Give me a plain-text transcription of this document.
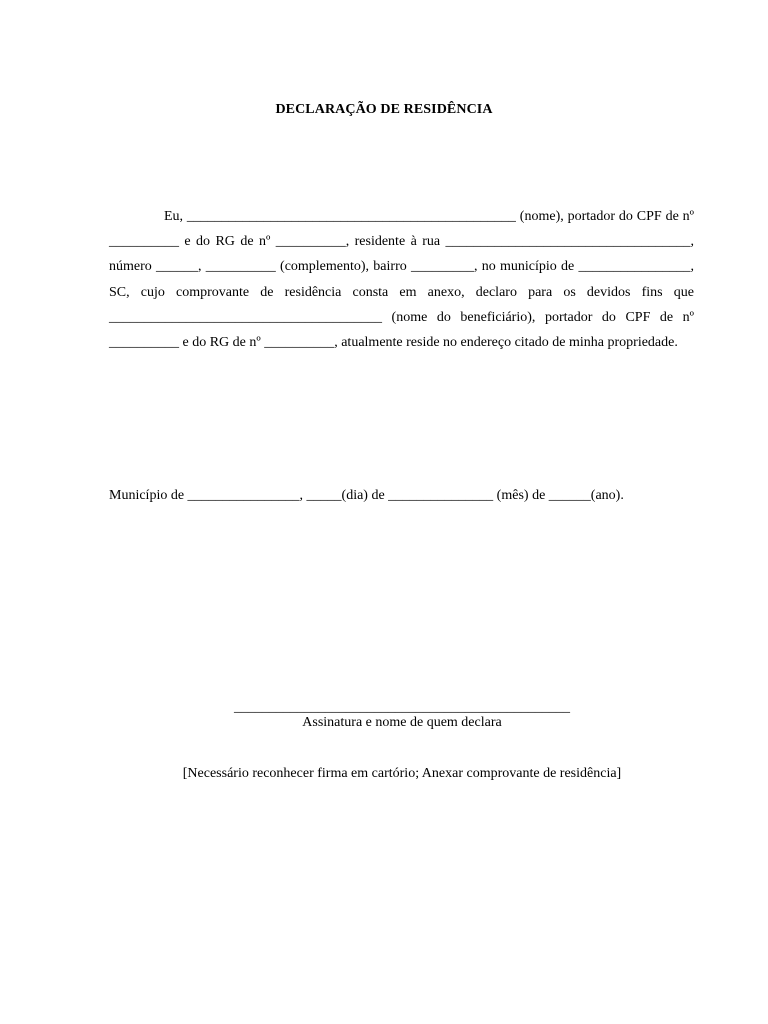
DECLARAÇÃO DE RESIDÊNCIA

Eu, _______________________________________________ (nome), portador do CPF de nº __________ e do RG de nº __________, residente à rua ___________________________________, número ______, __________ (complemento), bairro _________, no município de ________________, SC, cujo comprovante de residência consta em anexo, declaro para os devidos fins que _______________________________________ (nome do beneficiário), portador do CPF de nº __________ e do RG de nº __________, atualmente reside no endereço citado de minha propriedade.

Município de ________________, _____(dia) de _______________ (mês) de ______(ano).

________________________________________________

Assinatura e nome de quem declara

[Necessário reconhecer firma em cartório; Anexar comprovante de residência]
